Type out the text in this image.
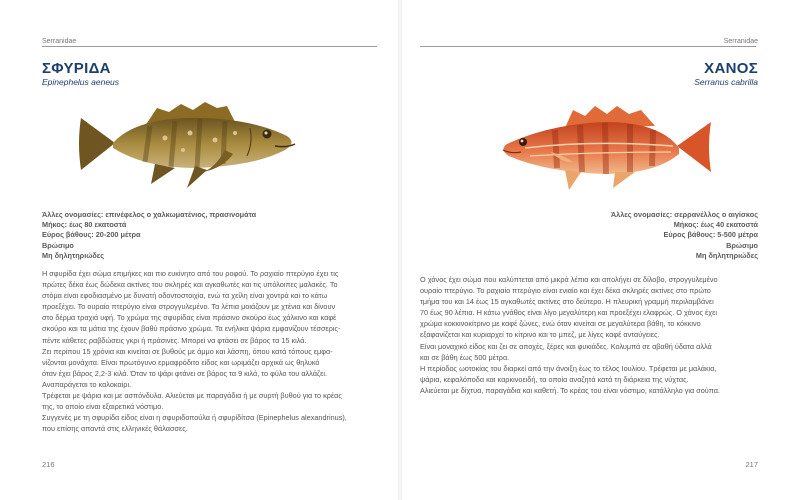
Serranidae
ΣΦΥΡΙΔΑ
Epinephelus aeneus
Άλλες ονομασίες: επινέφελος ο χαλκωματένιος, πρασινομάτα
Μήκος: έως 80 εκατοστά
Εύρος βάθους: 20-200 μέτρα
Βρώσιμο
Μη δηλητηριώδες

Η σφυρίδα έχει σώμα επιμήκες και πιο ευκίνητο από του ροφού. Το ραχιαίο πτερύγιο έχει τις

πρώτες δέκα έως δώδεκα ακτίνες του σκληρές και αγκαθωτές και τις υπόλοιπες μαλακές. Το

στόμα είναι εφοδιασμένο με δυνατή οδοντοστοιχία, ενώ τα χείλη είναι χοντρά και το κάτω

προεξέχει. Το ουραίο πτερύγιο είναι στρογγυλεμένο. Τα λέπια μοιάζουν με χτένια και δίνουν

στο δέρμα τραχιά υφή. Το χρώμα της σφυρίδας είναι πράσινο σκούρο έως χάλκινο και καφέ

σκούρο και τα μάτια της έχουν βαθύ πράσινο χρώμα. Τα ενήλικα ψάρια εμφανίζουν τέσσερις-

πέντε κάθετες ραβδώσεις γκρι ή πράσινες. Μπορεί να φτάσει σε βάρος τα 15 κιλά.

Ζει περίπου 15 χρόνια και κινείται σε βυθούς με άμμο και λάσπη, όπου κατά τόπους εμφα-

νίζονται μονάχιτα. Είναι πρωτόγυνο ερμαφρόδιτο είδος και ωριμάζει αρχικά ως θηλυκό

όταν έχει βάρος 2,2-3 κιλά. Όταν το ψάρι φτάνει σε βάρος τα 9 κιλά, το φύλο του αλλάζει.

Αναπαράγεται το καλοκαίρι.

Τρέφεται με ψάρια και με ασπόνδυλα. Αλιεύεται με παραγάδια ή με συρτή βυθού για το κρέας

της, το οποίο είναι εξαιρετικά νόστιμο.

Συγγενές με τη σφυρίδα είδος είναι η σφυριδοπούλα ή σφυρίδίτσα (Epinephelus alexandrinus),

που επίσης απαντά στις ελληνικές θάλασσες.

216
Serranidae
ΧΑΝΟΣ
Serranus cabrilla
Άλλες ονομασίες: σερρανέλλος ο αιγίσκος
Μήκος: έως 40 εκατοστά
Εύρος βάθους: 5-500 μέτρα
Βρώσιμο
Μη δηλητηριώδες

Ο χάνος έχει σώμα που καλύπτεται από μικρά λέπια και απολήγει σε δίλοβο, στρογγυλεμένο

ουραίο πτερύγιο. Το ραχιαίο πτερύγιο είναι ενιαίο και έχει δέκα σκληρές ακτίνες στο πρώτο

τμήμα του και 14 έως 15 αγκαθωτές ακτίνες στο δεύτερο. Η πλευρική γραμμή περιλαμβάνει

70 έως 90 λέπια. Η κάτω γνάθος είναι λίγο μεγαλύτερη και προεξέχει ελαφρώς. Ο χάνος έχει

χρώμα κοκκινοκίτρινο με καφέ ζώνες, ενώ όταν κινείται σε μεγαλύτερα βάθη, το κόκκινο

εξαφανίζεται και κυριαρχεί το κίτρινο και το μπεζ, με λίγες καφέ ανταύγειες.

Είναι μοναχικό είδος και ζει σε αποχές, ξέρες και φυκιάδες. Κολυμπά σε αβαθή ύδατα αλλά

και σε βάθη έως 500 μέτρα.

Η περίοδος ωοτοκίας του διαρκεί από την άνοιξη έως το τέλος Ιουλίου. Τρέφεται με μαλάκια,

ψάρια, κεφαλόποδα και καρκινοειδή, τα οποία αναζητά κατά τη διάρκεια της νύχτας.

Αλιεύεται με δίχτυα, παραγάδια και καθετή. Το κρέας του είναι νόστιμο, κατάλληλο για σούπα.

217
